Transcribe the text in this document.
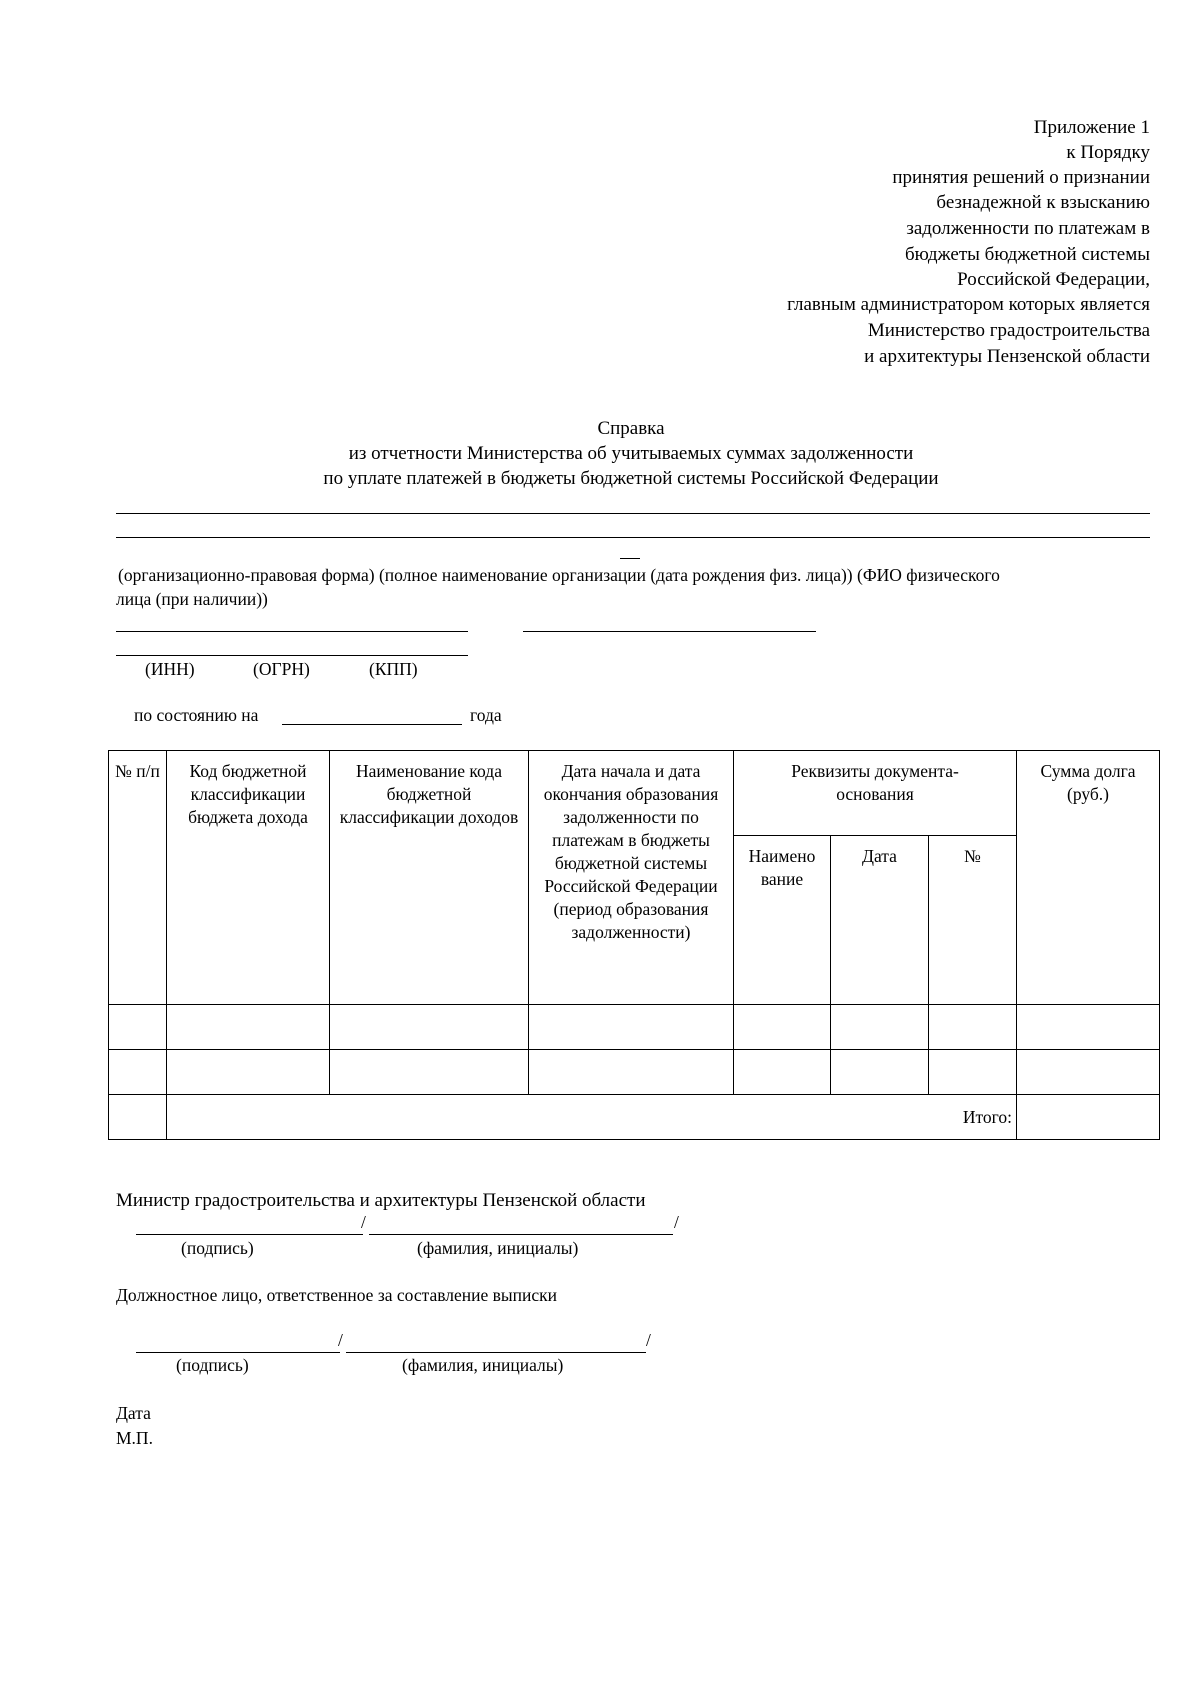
Приложение 1
к Порядку
принятия решений о признании
безнадежной к взысканию
задолженности по платежам в
бюджеты бюджетной системы
Российской Федерации,
главным администратором которых является
Министерство градостроительства
и архитектуры Пензенской области
Справка
из отчетности Министерства об учитываемых суммах задолженности
по уплате платежей в бюджеты бюджетной системы Российской Федерации
(организационно-правовая форма) (полное наименование организации (дата рождения физ. лица)) (ФИО физического
лица (при наличии))
(ИНН)	(ОГРН)	(КПП)
по состоянию на	года
№ п/п	Код бюджетной классификации бюджета дохода	Наименование кода бюджетной классификации доходов	Дата начала и дата окончания образования задолженности по платежам в бюджеты бюджетной системы Российской Федерации (период образования задолженности)	Реквизиты документа-основания			Сумма долга (руб.)
				Наимено вание	Дата	№	

	Итого:						
Министр градостроительства и архитектуры Пензенской области
/	/
(подпись)	(фамилия, инициалы)
Должностное лицо, ответственное за составление выписки
/	/
(подпись)	(фамилия, инициалы)
Дата
М.П.
